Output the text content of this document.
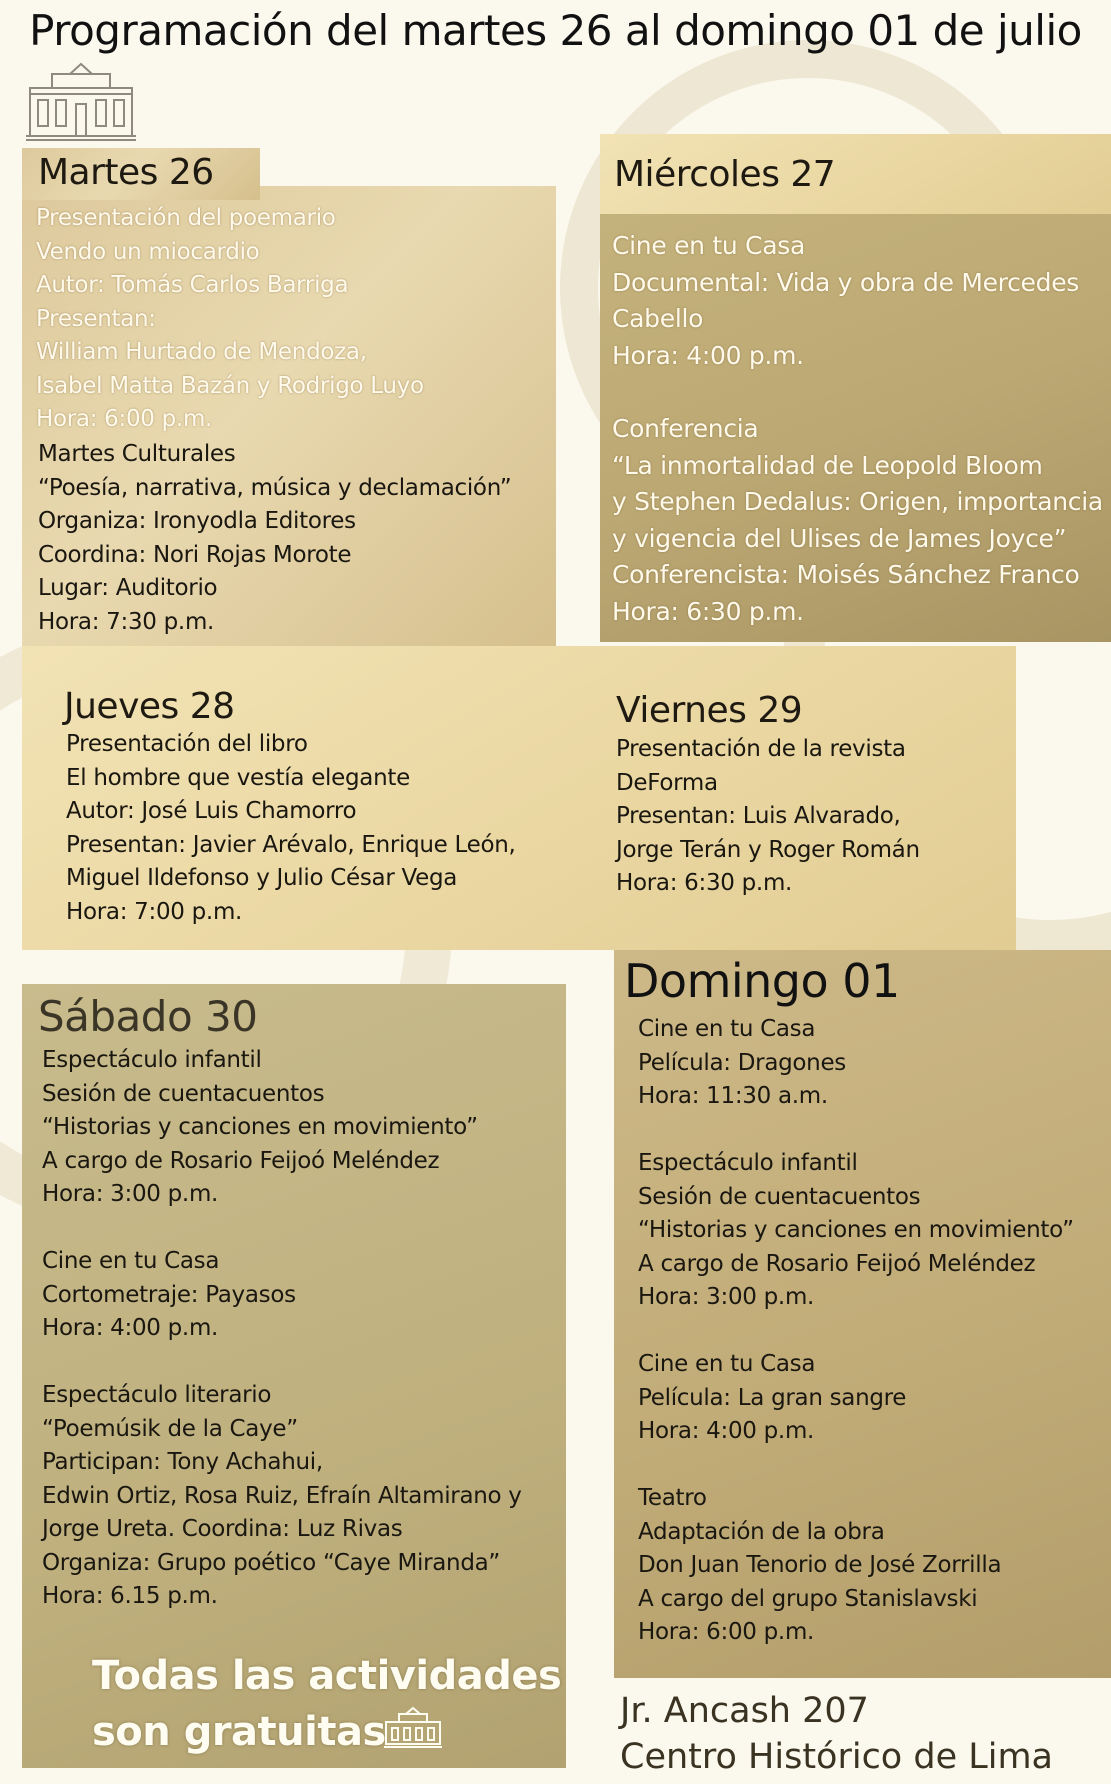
Programación del martes 26 al domingo 01 de julio
Martes 26
Presentación del poemario
Vendo un miocardio
Autor: Tomás Carlos Barriga
Presentan:
William Hurtado de Mendoza,
Isabel Matta Bazán y Rodrigo Luyo
Hora: 6:00 p.m.
Martes Culturales
“Poesía, narrativa, música y declamación”
Organiza: Ironyodla Editores
Coordina: Nori Rojas Morote
Lugar: Auditorio
Hora: 7:30 p.m.
Miércoles 27
Cine en tu Casa
Documental: Vida y obra de Mercedes
Cabello
Hora: 4:00 p.m.
Conferencia
“La inmortalidad de Leopold Bloom
y Stephen Dedalus: Origen, importancia
y vigencia del Ulises de James Joyce”
Conferencista: Moisés Sánchez Franco
Hora: 6:30 p.m.
Jueves 28
Presentación del libro
El hombre que vestía elegante
Autor: José Luis Chamorro
Presentan: Javier Arévalo, Enrique León,
Miguel Ildefonso y Julio César Vega
Hora: 7:00 p.m.
Viernes 29
Presentación de la revista
DeForma
Presentan: Luis Alvarado,
Jorge Terán y Roger Román
Hora: 6:30 p.m.
Sábado 30
Espectáculo infantil
Sesión de cuentacuentos
“Historias y canciones en movimiento”
A cargo de Rosario Feijoó Meléndez
Hora: 3:00 p.m.
Cine en tu Casa
Cortometraje: Payasos
Hora: 4:00 p.m.
Espectáculo literario
“Poemúsik de la Caye”
Participan: Tony Achahui,
Edwin Ortiz, Rosa Ruiz, Efraín Altamirano y
Jorge Ureta. Coordina: Luz Rivas
Organiza: Grupo poético “Caye Miranda”
Hora: 6.15 p.m.
Todas las actividades
son gratuitas
Domingo 01
Cine en tu Casa
Película: Dragones
Hora: 11:30 a.m.
Espectáculo infantil
Sesión de cuentacuentos
“Historias y canciones en movimiento”
A cargo de Rosario Feijoó Meléndez
Hora: 3:00 p.m.
Cine en tu Casa
Película: La gran sangre
Hora: 4:00 p.m.
Teatro
Adaptación de la obra
Don Juan Tenorio de José Zorrilla
A cargo del grupo Stanislavski
Hora: 6:00 p.m.
Jr. Ancash 207
Centro Histórico de Lima
